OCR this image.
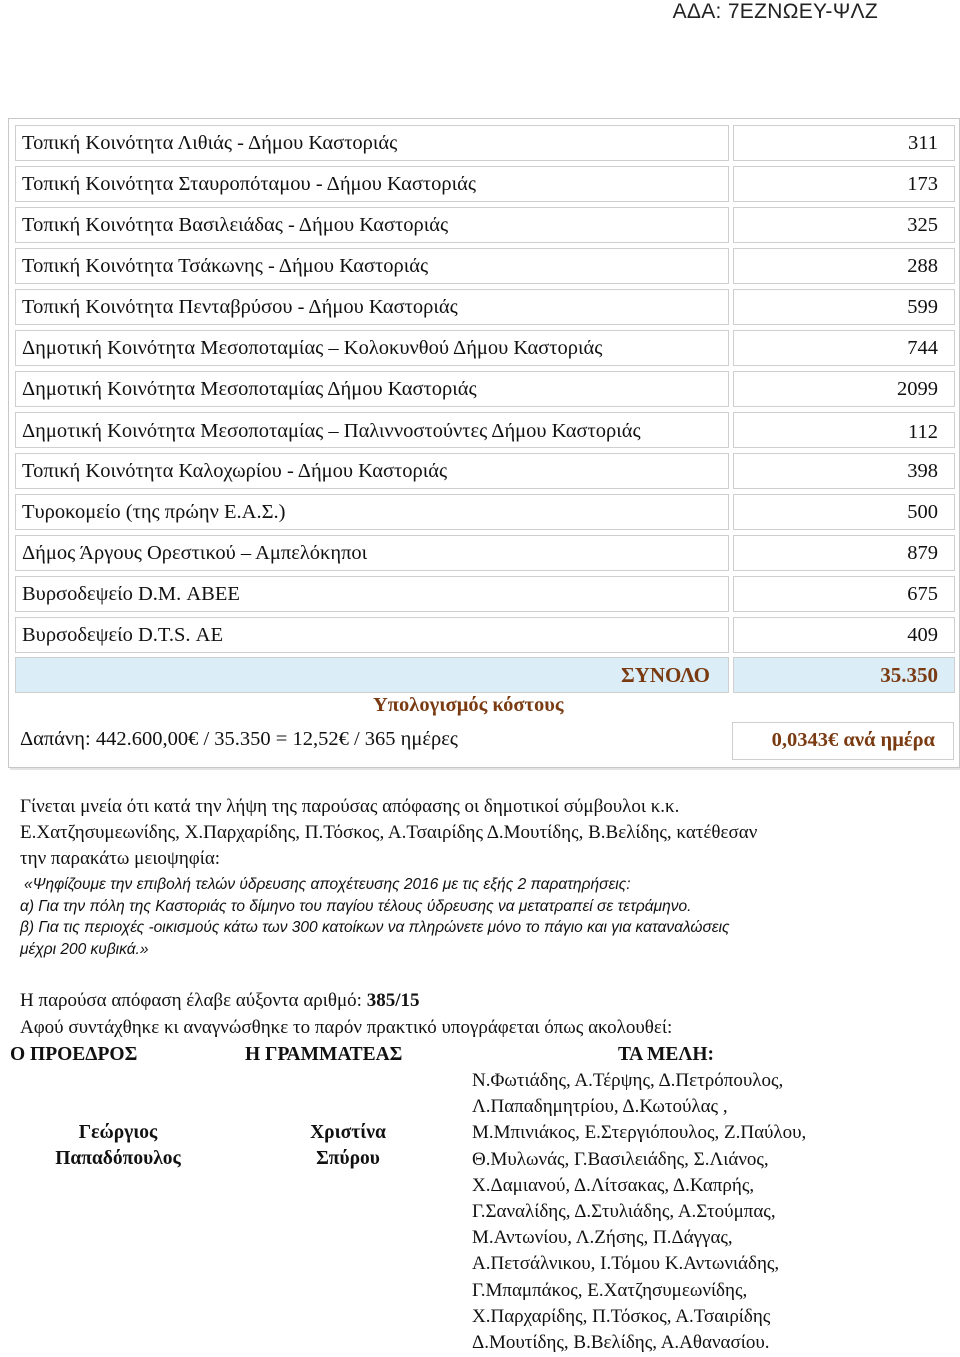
ΑΔΑ: 7ΕΖΝΩΕΥ-ΨΛΖ
Τοπική Κοινότητα Λιθιάς - Δήμου Καστοριάς	311
Τοπική Κοινότητα Σταυροπόταμου - Δήμου Καστοριάς	173
Τοπική Κοινότητα Βασιλειάδας - Δήμου Καστοριάς	325
Τοπική Κοινότητα Τσάκωνης - Δήμου Καστοριάς	288
Τοπική Κοινότητα Πενταβρύσου - Δήμου Καστοριάς	599
Δημοτική Κοινότητα Μεσοποταμίας – Κολοκυνθού Δήμου Καστοριάς	744
Δημοτική Κοινότητα Μεσοποταμίας Δήμου Καστοριάς	2099
Δημοτική Κοινότητα Μεσοποταμίας – Παλιννοστούντες Δήμου Καστοριάς	112
Τοπική Κοινότητα Καλοχωρίου - Δήμου Καστοριάς	398
Τυροκομείο (της πρώην Ε.Α.Σ.)	500
Δήμος Άργους Ορεστικού – Αμπελόκηποι	879
Βυρσοδεψείο D.M. ΑΒΕΕ	675
Βυρσοδεψείο D.T.S. ΑΕ	409
ΣΥΝΟΛΟ	35.350
Υπολογισμός κόστους
Δαπάνη: 442.600,00€ / 35.350 = 12,52€ / 365 ημέρες	0,0343€ ανά ημέρα
Γίνεται μνεία ότι κατά την λήψη της παρούσας απόφασης οι δημοτικοί σύμβουλοι κ.κ.
Ε.Χατζησυμεωνίδης, Χ.Παρχαρίδης, Π.Τόσκος, Α.Τσαιρίδης Δ.Μουτίδης, Β.Βελίδης, κατέθεσαν
την παρακάτω μειοψηφία:
«Ψηφίζουμε την επιβολή τελών ύδρευσης αποχέτευσης 2016 με τις εξής 2 παρατηρήσεις:
α) Για την πόλη της Καστοριάς το δίμηνο του παγίου τέλους ύδρευσης να μετατραπεί σε τετράμηνο.
β) Για τις περιοχές -οικισμούς κάτω των 300 κατοίκων να πληρώνετε μόνο το πάγιο και για καταναλώσεις
μέχρι 200 κυβικά.»
Η παρούσα απόφαση έλαβε αύξοντα αριθμό: 385/15
Αφού συντάχθηκε κι αναγνώσθηκε το παρόν πρακτικό υπογράφεται όπως ακολουθεί:
Ο ΠΡΟΕΔΡΟΣ	Η ΓΡΑΜΜΑΤΕΑΣ	ΤΑ ΜΕΛΗ:
Γεώργιος
Παπαδόπουλος
Χριστίνα
Σπύρου
Ν.Φωτιάδης, Α.Τέρψης, Δ.Πετρόπουλος,
Λ.Παπαδημητρίου, Δ.Κωτούλας ,
Μ.Μπινιάκος, Ε.Στεργιόπουλος, Ζ.Παύλου,
Θ.Μυλωνάς, Γ.Βασιλειάδης, Σ.Λιάνος,
Χ.Δαμιανού, Δ.Λίτσακας, Δ.Καπρής,
Γ.Σαναλίδης, Δ.Στυλιάδης, Α.Στούμπας,
Μ.Αντωνίου, Λ.Ζήσης, Π.Δάγγας,
Α.Πετσάλνικου, Ι.Τόμου Κ.Αντωνιάδης,
Γ.Μπαμπάκος, Ε.Χατζησυμεωνίδης,
Χ.Παρχαρίδης, Π.Τόσκος, Α.Τσαιρίδης
Δ.Μουτίδης, Β.Βελίδης, Α.Αθανασίου.
